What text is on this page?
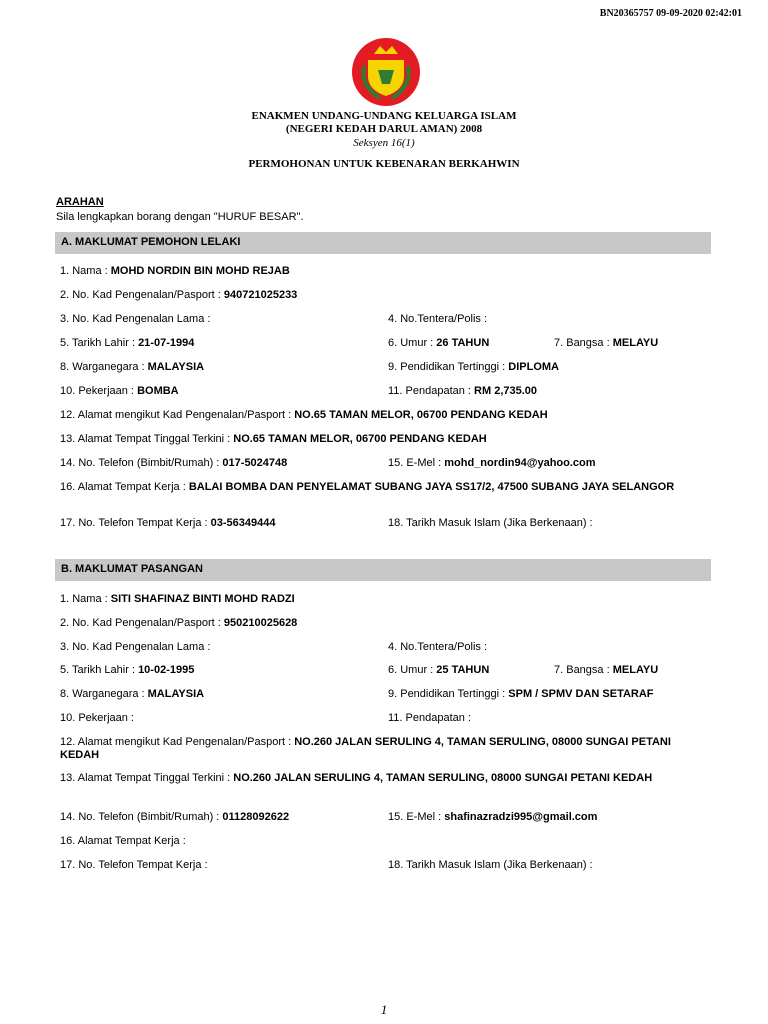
BN20365757 09-09-2020 02:42:01
ENAKMEN UNDANG-UNDANG KELUARGA ISLAM
(NEGERI KEDAH DARUL AMAN) 2008
Seksyen 16(1)
PERMOHONAN UNTUK KEBENARAN BERKAHWIN
ARAHAN
Sila lengkapkan borang dengan "HURUF BESAR".
A. MAKLUMAT PEMOHON LELAKI
1. Nama : MOHD NORDIN BIN MOHD REJAB
2. No. Kad Pengenalan/Pasport : 940721025233
3. No. Kad Pengenalan Lama :	4. No.Tentera/Polis :
5. Tarikh Lahir : 21-07-1994	6. Umur : 26 TAHUN	7. Bangsa : MELAYU
8. Warganegara : MALAYSIA	9. Pendidikan Tertinggi : DIPLOMA
10. Pekerjaan : BOMBA	11. Pendapatan : RM 2,735.00
12. Alamat mengikut Kad Pengenalan/Pasport : NO.65 TAMAN MELOR, 06700 PENDANG KEDAH
13. Alamat Tempat Tinggal Terkini : NO.65 TAMAN MELOR, 06700 PENDANG KEDAH
14. No. Telefon (Bimbit/Rumah) : 017-5024748	15. E-Mel : mohd_nordin94@yahoo.com
16. Alamat Tempat Kerja : BALAI BOMBA DAN PENYELAMAT SUBANG JAYA SS17/2, 47500 SUBANG JAYA SELANGOR
17. No. Telefon Tempat Kerja : 03-56349444	18. Tarikh Masuk Islam (Jika Berkenaan) :
B. MAKLUMAT PASANGAN
1. Nama : SITI SHAFINAZ BINTI MOHD RADZI
2. No. Kad Pengenalan/Pasport : 950210025628
3. No. Kad Pengenalan Lama :	4. No.Tentera/Polis :
5. Tarikh Lahir : 10-02-1995	6. Umur : 25 TAHUN	7. Bangsa : MELAYU
8. Warganegara : MALAYSIA	9. Pendidikan Tertinggi : SPM / SPMV DAN SETARAF
10. Pekerjaan :	11. Pendapatan :
12. Alamat mengikut Kad Pengenalan/Pasport : NO.260 JALAN SERULING 4, TAMAN SERULING, 08000 SUNGAI PETANI KEDAH
13. Alamat Tempat Tinggal Terkini : NO.260 JALAN SERULING 4, TAMAN SERULING, 08000 SUNGAI PETANI KEDAH
14. No. Telefon (Bimbit/Rumah) : 01128092622	15. E-Mel : shafinazradzi995@gmail.com
16. Alamat Tempat Kerja :
17. No. Telefon Tempat Kerja :	18. Tarikh Masuk Islam (Jika Berkenaan) :
1
